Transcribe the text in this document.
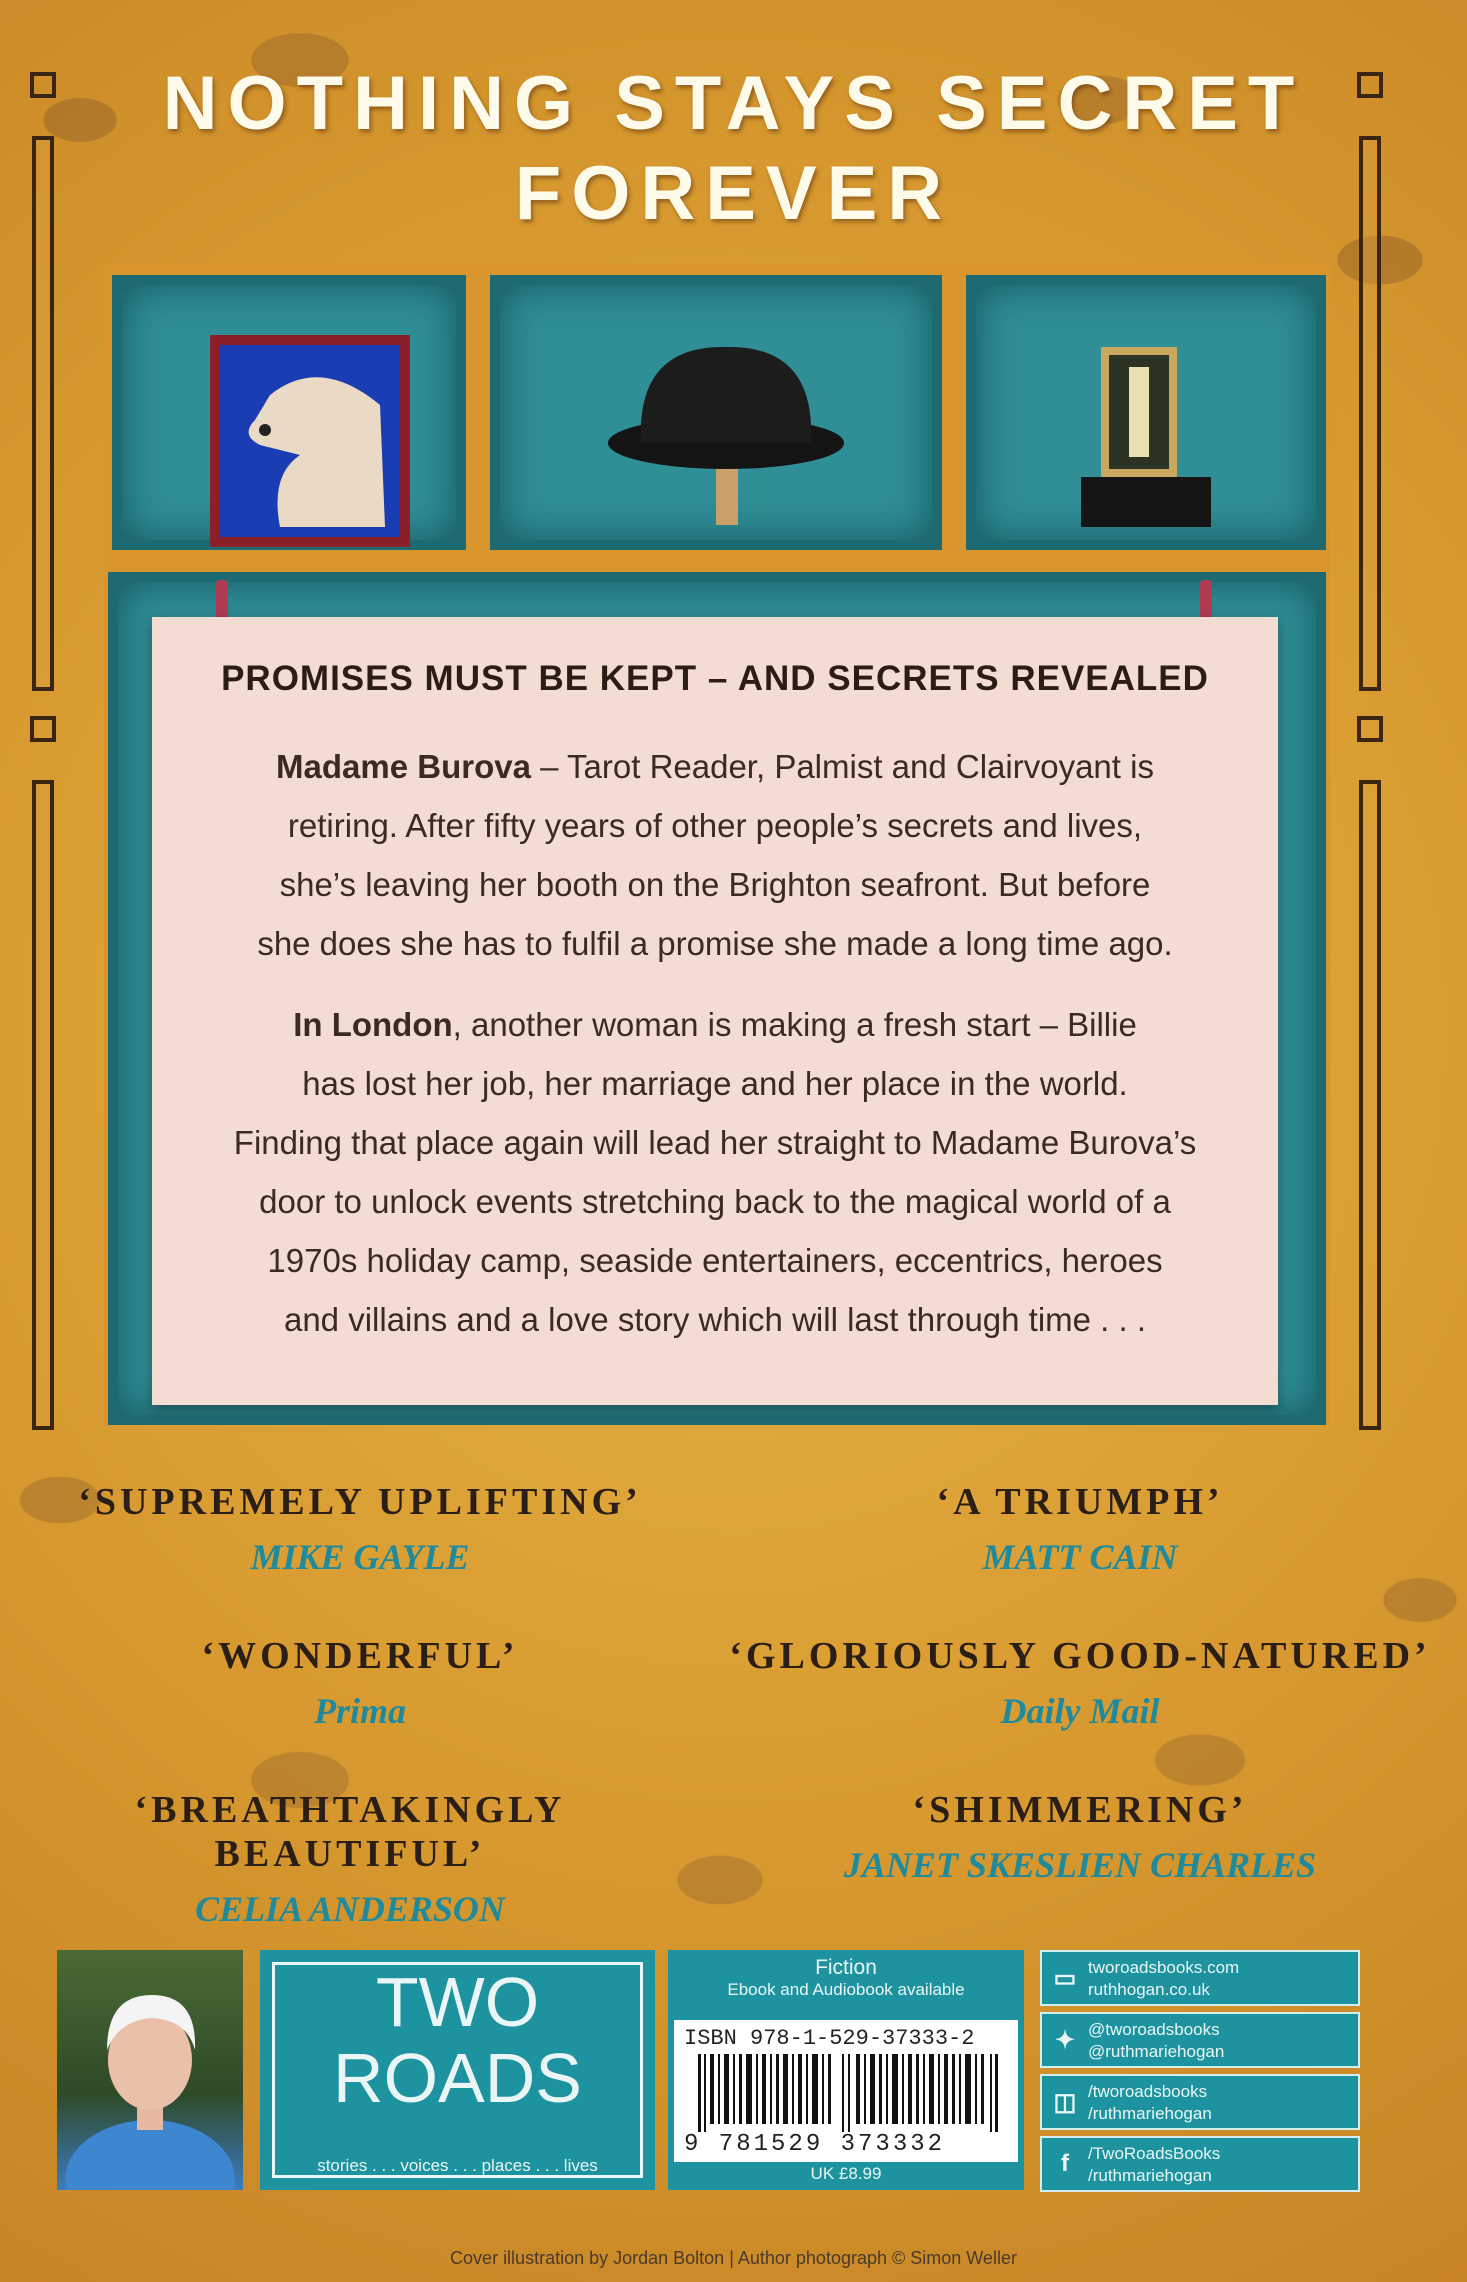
NOTHING STAYS SECRET
FOREVER
PROMISES MUST BE KEPT – AND SECRETS REVEALED

Madame Burova – Tarot Reader, Palmist and Clairvoyant is
retiring. After fifty years of other people’s secrets and lives,
she’s leaving her booth on the Brighton seafront. But before
she does she has to fulfil a promise she made a long time ago.

In London, another woman is making a fresh start – Billie
has lost her job, her marriage and her place in the world.
Finding that place again will lead her straight to Madame Burova’s
door to unlock events stretching back to the magical world of a
1970s holiday camp, seaside entertainers, eccentrics, heroes
and villains and a love story which will last through time . . .

‘SUPREMELY UPLIFTING’
MIKE GAYLE
‘A TRIUMPH’
MATT CAIN
‘WONDERFUL’
Prima
‘GLORIOUSLY GOOD-NATURED’
Daily Mail
‘BREATHTAKINGLY BEAUTIFUL’
CELIA ANDERSON
‘SHIMMERING’
JANET SKESLIEN CHARLES
TWO
ROADS
stories . . . voices . . . places . . . lives
Fiction
Ebook and Audiobook available
ISBN 978-1-529-37333-2
9 781529 373332
UK £8.99
▭ tworoadsbooks.com
ruthhogan.co.uk
✦ @tworoadsbooks
@ruthmariehogan
◫ /tworoadsbooks
/ruthmariehogan
f	/TwoRoadsBooks
/ruthmariehogan
Cover illustration by Jordan Bolton | Author photograph © Simon Weller
